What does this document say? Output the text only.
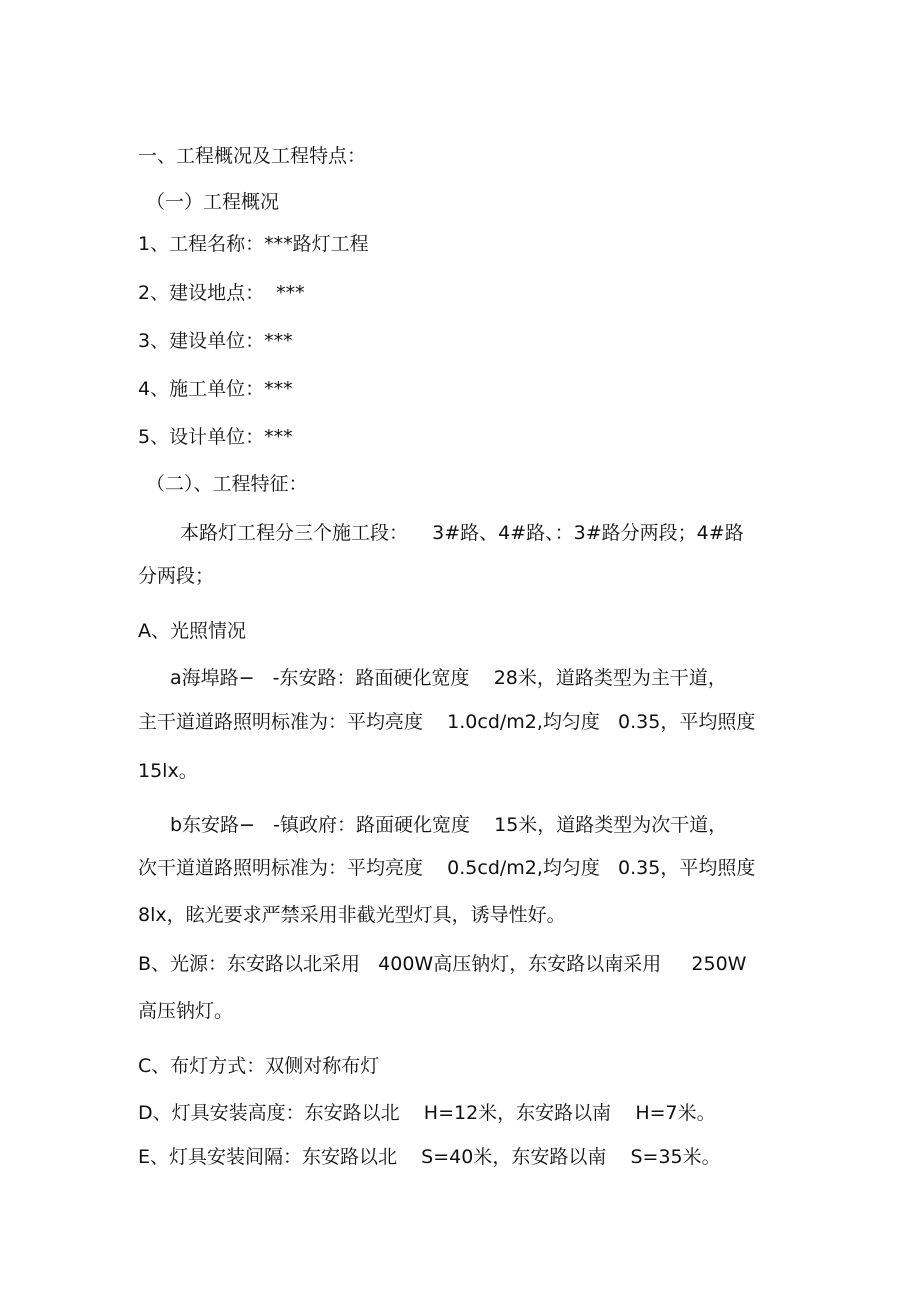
一、工程概况及工程特点：
（一）工程概况
1、工程名称：***路灯工程
2、建设地点：  ***
3、建设单位：***
4、施工单位：***
5、设计单位：***
（二）、工程特征：
本路灯工程分三个施工段：    3#路、4#路、：3#路分两段；4#路
分两段；
A、光照情况
a海埠路−   -东安路：路面硬化宽度    28米，道路类型为主干道，
主干道道路照明标准为：平均亮度    1.0cd/m2,均匀度   0.35，平均照度
15lx。
b东安路−   -镇政府：路面硬化宽度    15米，道路类型为次干道，
次干道道路照明标准为：平均亮度    0.5cd/m2,均匀度   0.35，平均照度
8lx，眩光要求严禁采用非截光型灯具，诱导性好。
B、光源：东安路以北采用   400W高压钠灯，东安路以南采用     250W
高压钠灯。
C、布灯方式：双侧对称布灯
D、灯具安装高度：东安路以北    H=12米，东安路以南    H=7米。
E、灯具安装间隔：东安路以北    S=40米，东安路以南    S=35米。
